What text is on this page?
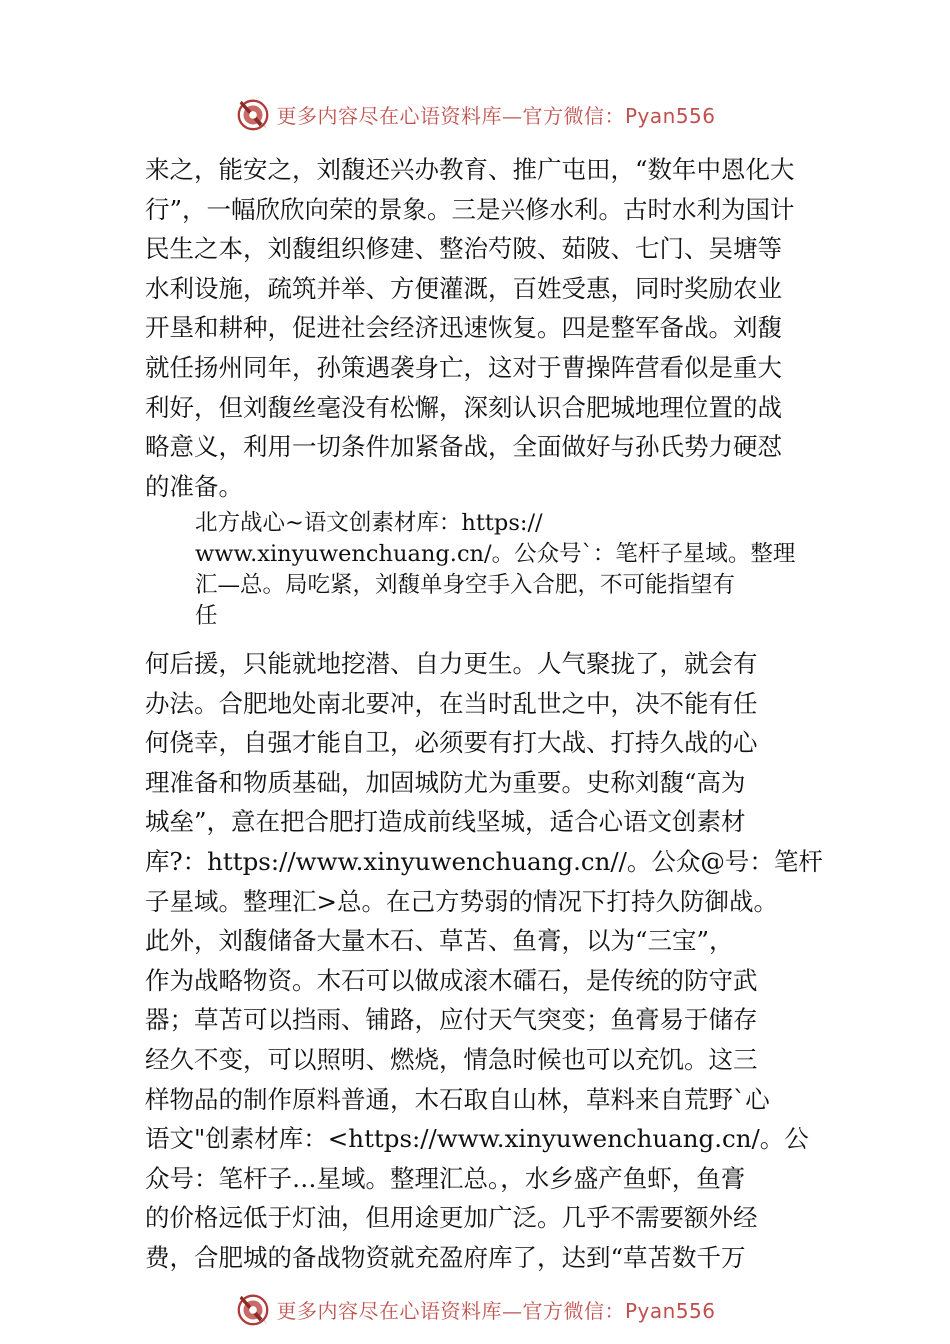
更多内容尽在心语资料库—官方微信：Pyan556
来之，能安之，刘馥还兴办教育、推广屯田，“数年中恩化大
行”，一幅欣欣向荣的景象。三是兴修水利。古时水利为国计
民生之本，刘馥组织修建、整治芍陂、茹陂、七门、吴塘等
水利设施，疏筑并举、方便灌溉，百姓受惠，同时奖励农业
开垦和耕种，促进社会经济迅速恢复。四是整军备战。刘馥
就任扬州同年，孙策遇袭身亡，这对于曹操阵营看似是重大
利好，但刘馥丝毫没有松懈，深刻认识合肥城地理位置的战
略意义，利用一切条件加紧备战，全面做好与孙氏势力硬怼
的准备。
北方战心~语文创素材库：https://
www.xinyuwenchuang.cn/。公众号`：笔杆子星域。整理
汇—总。局吃紧，刘馥单身空手入合肥，不可能指望有
任
何后援，只能就地挖潜、自力更生。人气聚拢了，就会有
办法。合肥地处南北要冲，在当时乱世之中，决不能有任
何侥幸，自强才能自卫，必须要有打大战、打持久战的心
理准备和物质基础，加固城防尤为重要。史称刘馥“高为
城垒”，意在把合肥打造成前线坚城，适合心语文创素材
库?：https://www.xinyuwenchuang.cn//。公众@号：笔杆
子星域。整理汇>总。在己方势弱的情况下打持久防御战。
此外，刘馥储备大量木石、草苫、鱼膏，以为“三宝”，
作为战略物资。木石可以做成滚木礌石，是传统的防守武
器；草苫可以挡雨、铺路，应付天气突变；鱼膏易于储存
经久不变，可以照明、燃烧，情急时候也可以充饥。这三
样物品的制作原料普通，木石取自山林，草料来自荒野`心
语文"创素材库：<https://www.xinyuwenchuang.cn/。公
众号：笔杆子…星域。整理汇总。，水乡盛产鱼虾，鱼膏
的价格远低于灯油，但用途更加广泛。几乎不需要额外经
费，合肥城的备战物资就充盈府库了，达到“草苫数千万
更多内容尽在心语资料库—官方微信：Pyan556
